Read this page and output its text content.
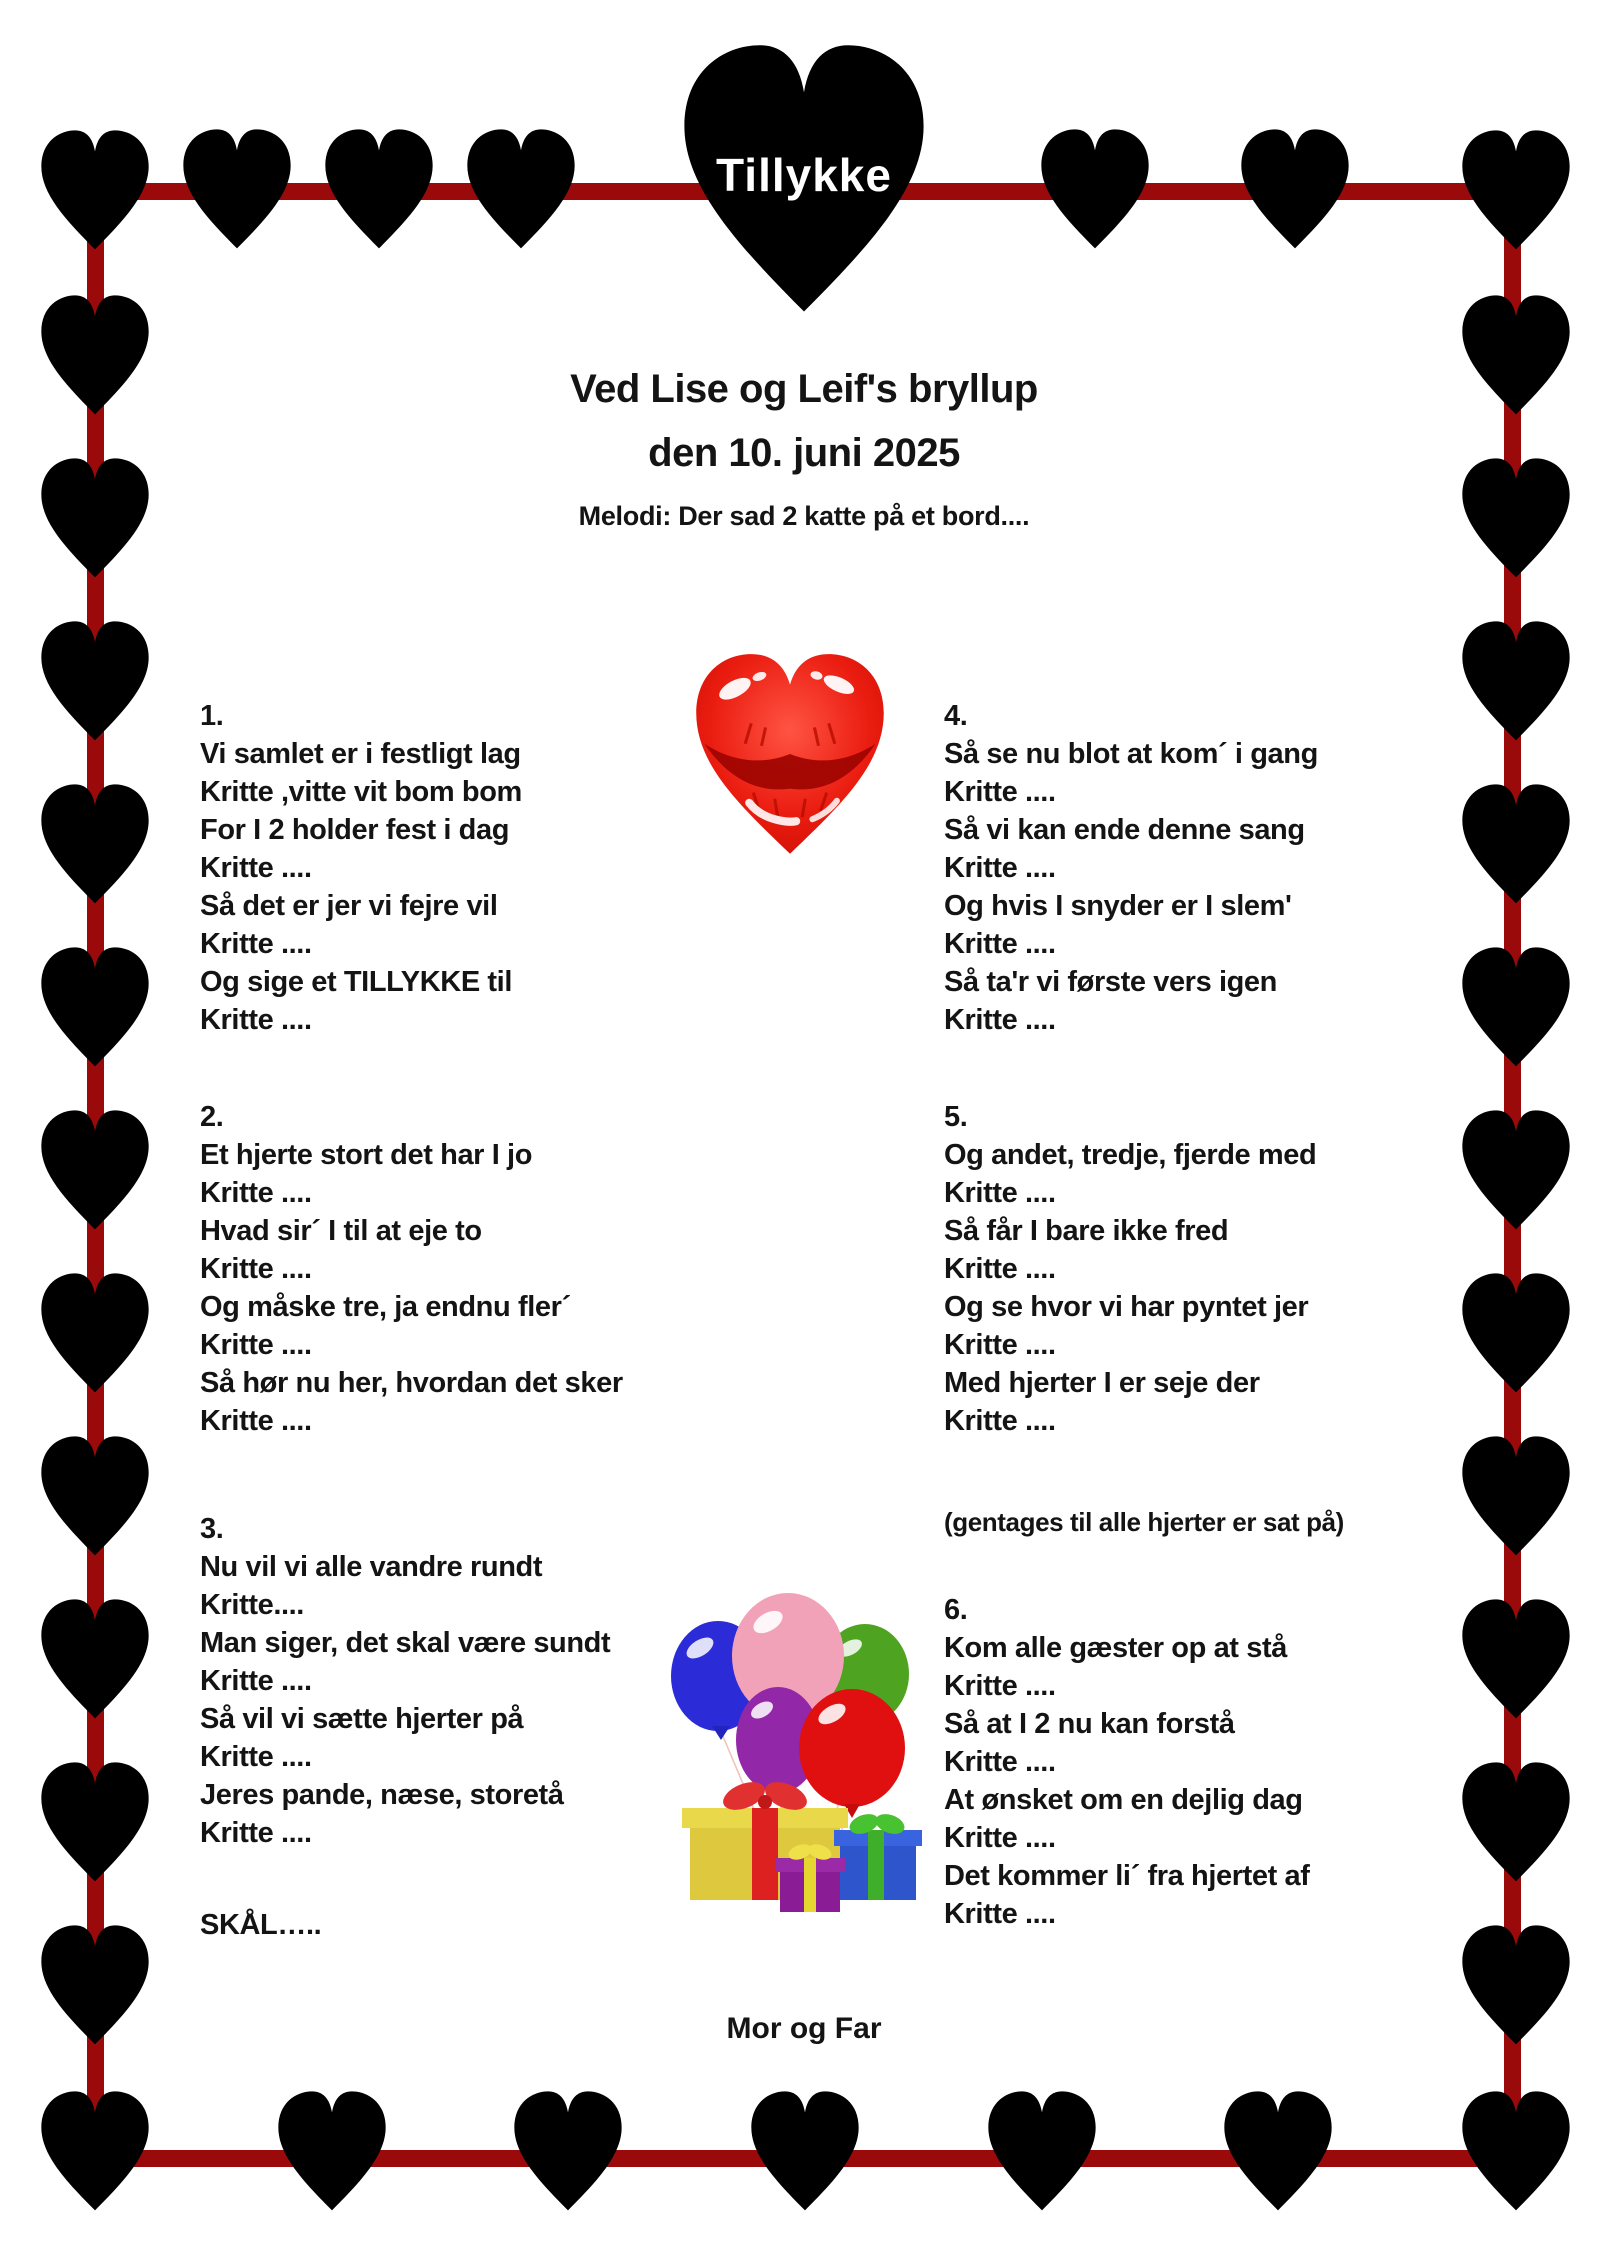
Tillykke
Ved Lise og Leif's bryllup
den 10. juni 2025
Melodi: Der sad 2 katte på et bord....
1.
Vi samlet er i festligt lag
Kritte ,vitte vit bom bom
For I 2 holder fest i dag
Kritte ....
Så det er jer vi fejre vil
Kritte ....
Og sige et TILLYKKE til
Kritte ....
2.
Et hjerte stort det har I jo
Kritte ....
Hvad sir´ I til at eje to
Kritte ....
Og måske tre, ja endnu fler´
Kritte ....
Så hør nu her, hvordan det sker
Kritte ....
3.
Nu vil vi alle vandre rundt
Kritte....
Man siger, det skal være sundt
Kritte ....
Så vil vi sætte hjerter på
Kritte ....
Jeres pande, næse, storetå
Kritte ....
SKÅL…..
4.
Så se nu blot at kom´ i gang
Kritte ....
Så vi kan ende denne sang
Kritte ....
Og hvis I snyder er I slem'
Kritte ....
Så ta'r vi første vers igen
Kritte ....
5.
Og andet, tredje, fjerde med
Kritte ....
Så får I bare ikke fred
Kritte ....
Og se hvor vi har pyntet jer
Kritte ....
Med hjerter I er seje der
Kritte ....
(gentages til alle hjerter er sat på)
6.
Kom alle gæster op at stå
Kritte ....
Så at I 2 nu kan forstå
Kritte ....
At ønsket om en dejlig dag
Kritte ....
Det kommer li´ fra hjertet af
Kritte ....
Mor og Far
